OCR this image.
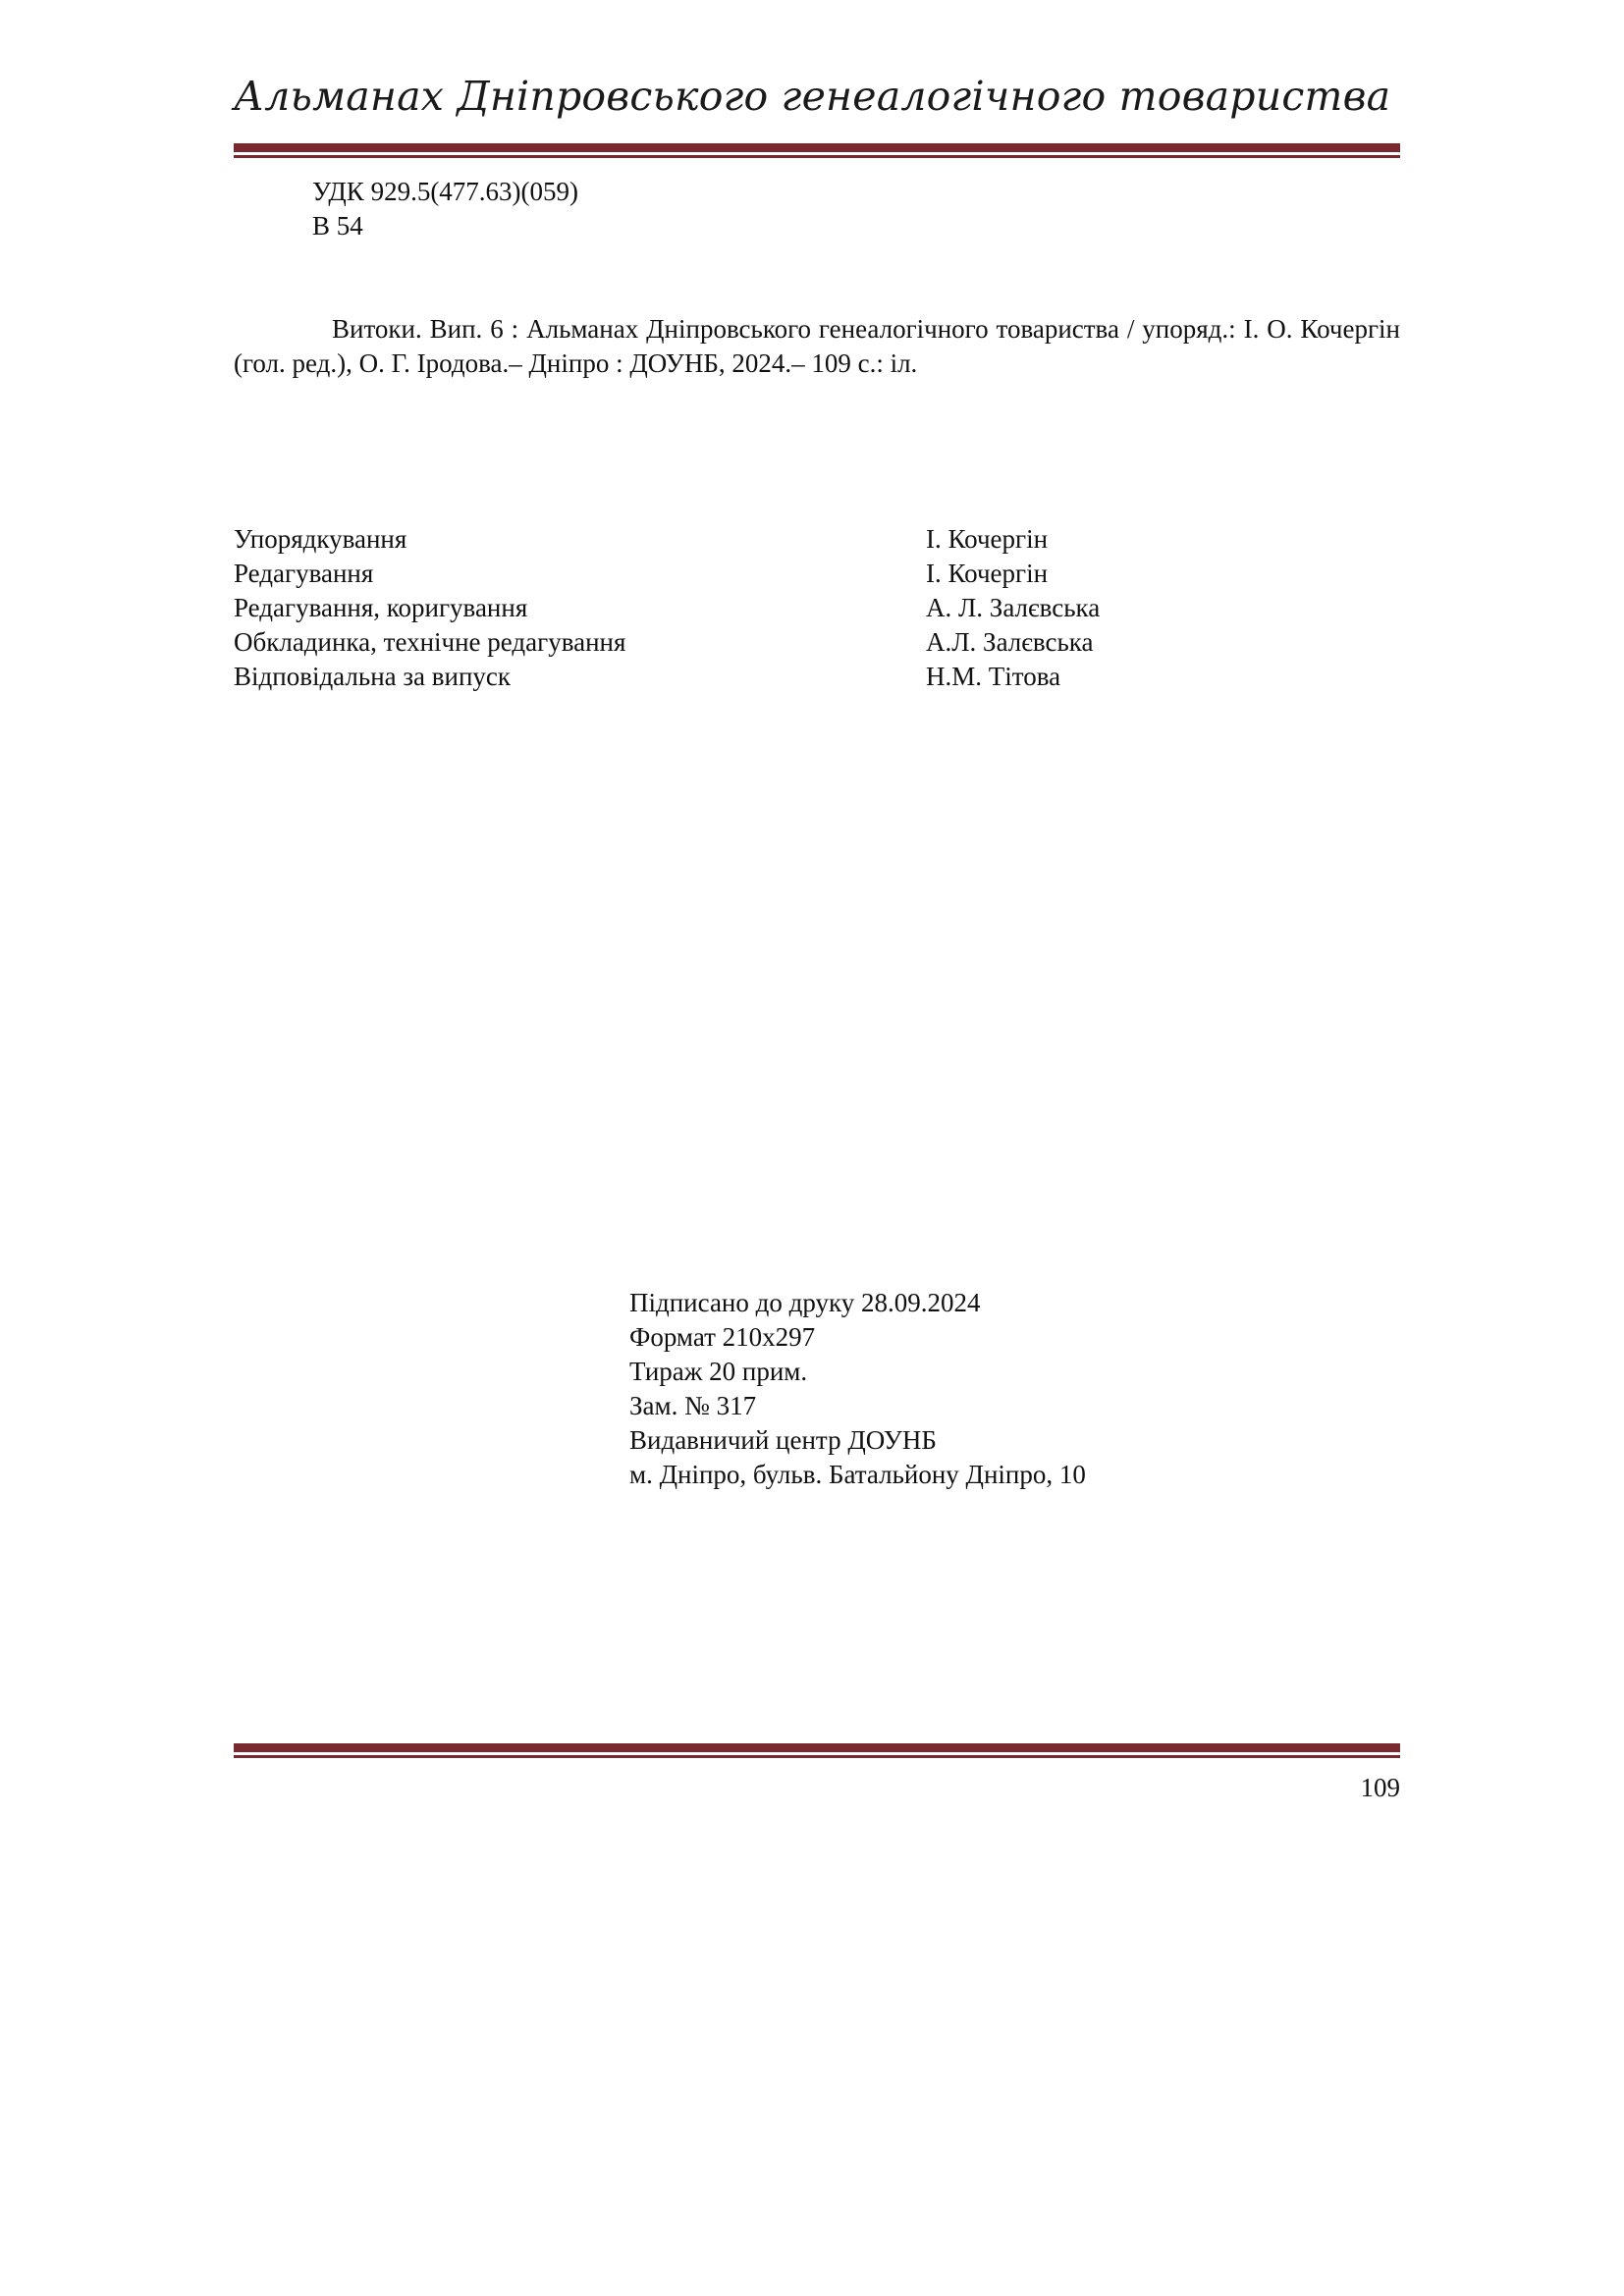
Альманах Дніпровського генеалогічного товариства
УДК 929.5(477.63)(059)
В 54
Витоки. Вип. 6 : Альманах Дніпровського генеалогічного товариства / упоряд.: І. О. Кочергін (гол. ред.), О. Г. Іродова.– Дніпро : ДОУНБ, 2024.– 109 с.: іл.
Упорядкування	І. Кочергін
Редагування	І. Кочергін
Редагування, коригування	А. Л. Залєвська
Обкладинка, технічне редагування	А.Л. Залєвська
Відповідальна за випуск	Н.М. Тітова
Підписано до друку 28.09.2024
Формат 210х297
Тираж 20 прим.
Зам. № 317
Видавничий центр ДОУНБ
м. Дніпро, бульв. Батальйону Дніпро, 10
109
